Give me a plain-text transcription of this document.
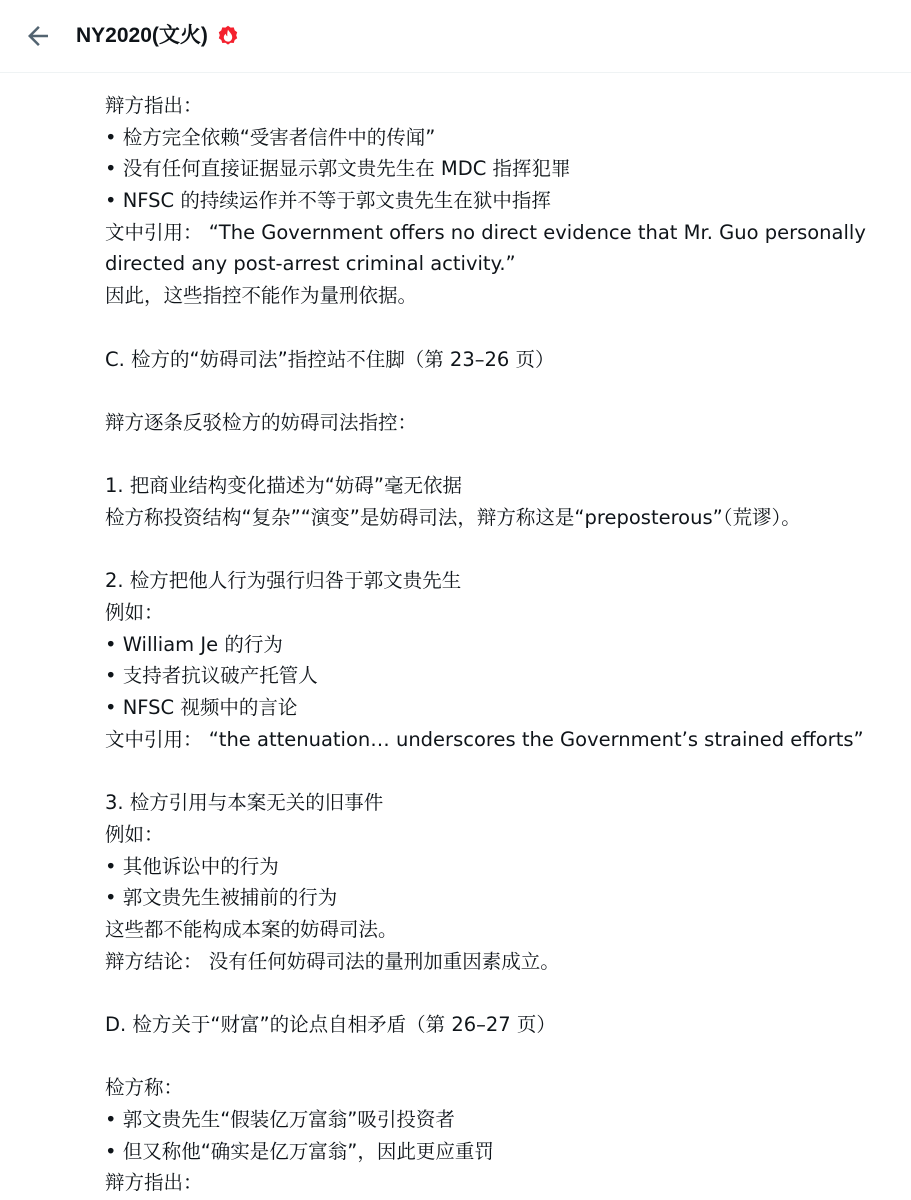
NY2020(文火)
辩方指出：
• 检方完全依赖“受害者信件中的传闻”
• 没有任何直接证据显示郭文贵先生在 MDC 指挥犯罪
• NFSC 的持续运作并不等于郭文贵先生在狱中指挥
文中引用： “The Government offers no direct evidence that Mr. Guo personally
directed any post-arrest criminal activity.”
因此，这些指控不能作为量刑依据。
C. 检方的“妨碍司法”指控站不住脚（第 23–26 页）
辩方逐条反驳检方的妨碍司法指控：
1. 把商业结构变化描述为“妨碍”毫无依据
检方称投资结构“复杂”“演变”是妨碍司法，辩方称这是“preposterous”（荒谬）。
2. 检方把他人行为强行归咎于郭文贵先生
例如：
• William Je 的行为
• 支持者抗议破产托管人
• NFSC 视频中的言论
文中引用： “the attenuation… underscores the Government’s strained efforts”
3. 检方引用与本案无关的旧事件
例如：
• 其他诉讼中的行为
• 郭文贵先生被捕前的行为
这些都不能构成本案的妨碍司法。
辩方结论： 没有任何妨碍司法的量刑加重因素成立。
D. 检方关于“财富”的论点自相矛盾（第 26–27 页）
检方称：
• 郭文贵先生“假装亿万富翁”吸引投资者
• 但又称他“确实是亿万富翁”，因此更应重罚
辩方指出：
